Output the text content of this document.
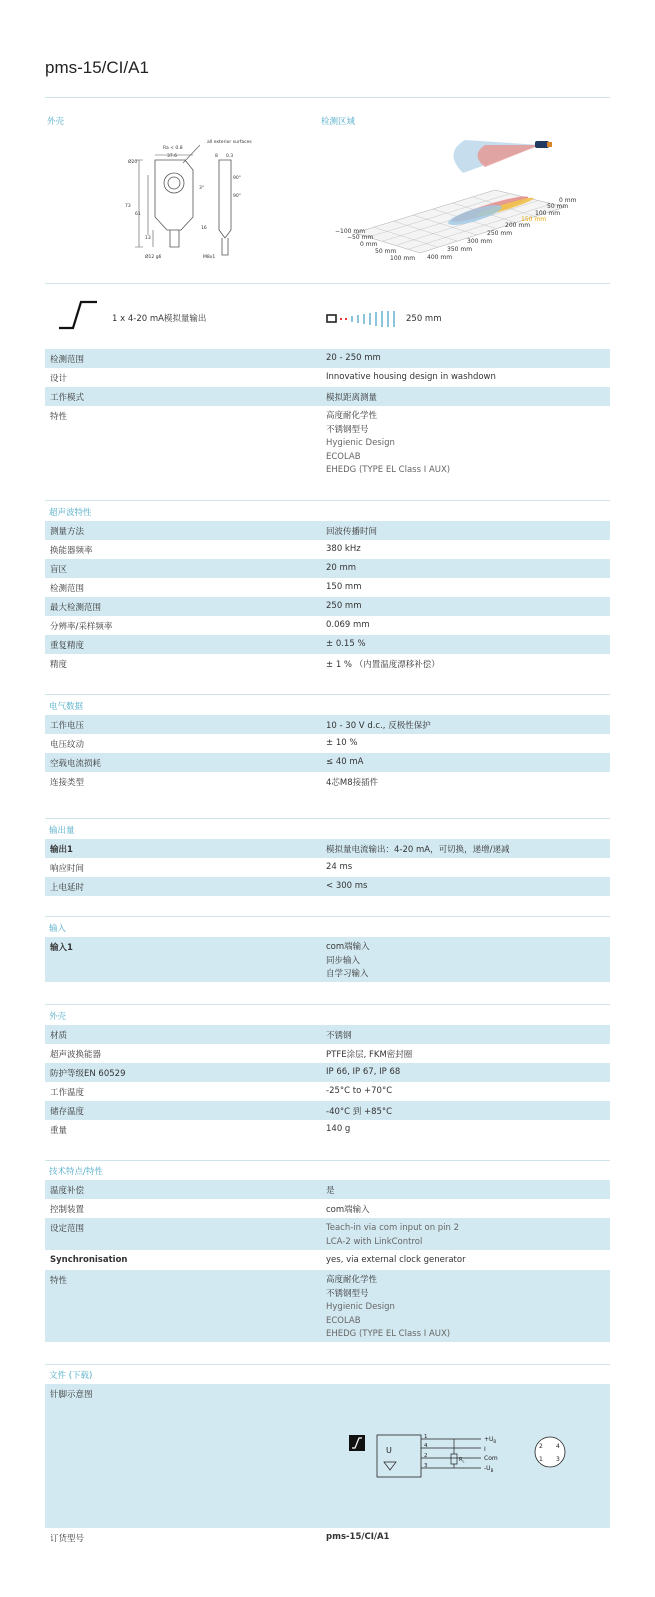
pms-15/CI/A1
外壳	检测区域
all exterior surfaces
Ra < 0.8
37.6	8 0.3
Ø20
73
61
13
Ø12 g6
3°
90°
90°
16
M8x1
−100 mm
−50 mm
0 mm
50 mm
100 mm 400 mm
350 mm
300 mm
250 mm
200 mm
150 mm
100 mm
50 mm
0 mm
1 x 4-20 mA模拟量输出	250 mm
检测范围	20 - 250 mm
设计	Innovative housing design in washdown
工作模式	模拟距离测量
特性	高度耐化学性
不锈钢型号
Hygienic Design
ECOLAB
EHEDG (TYPE EL Class I AUX)
超声波特性
测量方法	回波传播时间
换能器频率	380 kHz
盲区	20 mm
检测范围	150 mm
最大检测范围	250 mm
分辨率/采样频率	0.069 mm
重复精度	± 0.15 %
精度	± 1 % （内置温度漂移补偿）
电气数据
工作电压	10 - 30 V d.c., 反极性保护
电压纹动	± 10 %
空载电流损耗	≤ 40 mA
连接类型	4芯M8接插件
输出量
输出1	模拟量电流输出：4-20 mA，可切换，递增/递减
响应时间	24 ms
上电延时	< 300 ms
输入
输入1	com端输入
同步输入
自学习输入
外壳
材质	不锈钢
超声波换能器	PTFE涂层, FKM密封圈
防护等级EN 60529	IP 66, IP 67, IP 68
工作温度	-25°C to +70°C
储存温度	-40°C 到 +85°C
重量	140 g
技术特点/特性
温度补偿	是
控制装置	com端输入
设定范围	Teach-in via com input on pin 2
LCA-2 with LinkControl
Synchronisation	yes, via external clock generator
特性	高度耐化学性
不锈钢型号
Hygienic Design
ECOLAB
EHEDG (TYPE EL Class I AUX)
文件 (下载)
针脚示意图
U
1
4
2
3
$R_L$
$+U_B$
I
Com
$-U_B$
2 4
1 3
订货型号	pms-15/CI/A1
